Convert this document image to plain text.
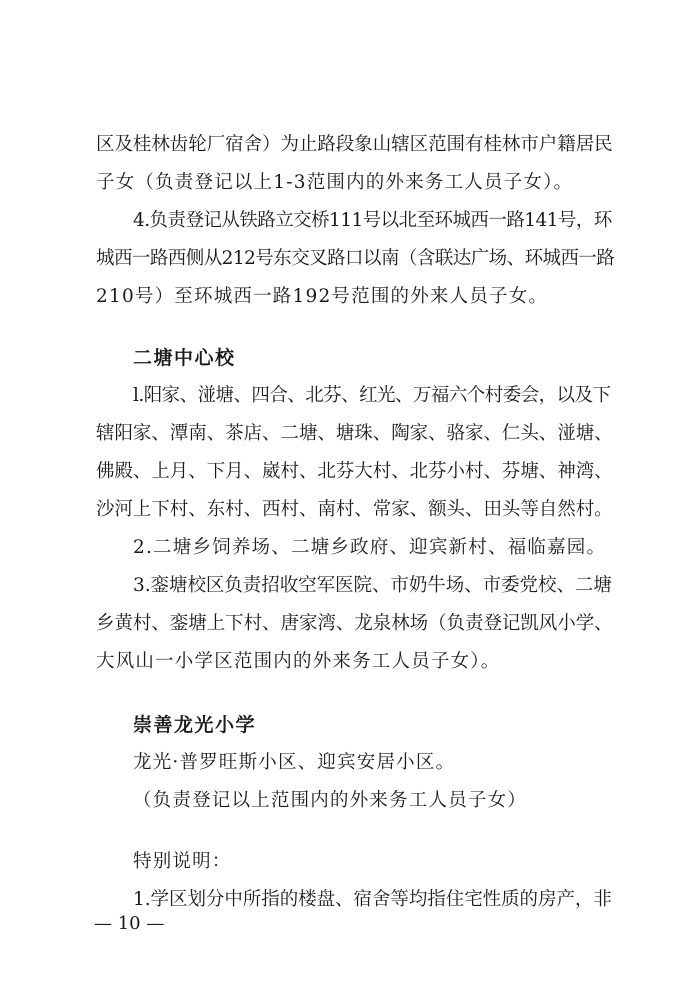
区及桂林齿轮厂宿舍）为止路段象山辖区范围有桂林市户籍居民
子女（负责登记以上1-3范围内的外来务工人员子女）。
4.负责登记从铁路立交桥111号以北至环城西一路141号，环
城西一路西侧从212号东交叉路口以南（含联达广场、环城西一路
210号）至环城西一路192号范围的外来人员子女。
二塘中心校
l.阳家、湴塘、四合、北芬、红光、万福六个村委会，以及下
辖阳家、潭南、茶店、二塘、塘珠、陶家、骆家、仁头、湴塘、
佛殿、上月、下月、崴村、北芬大村、北芬小村、芬塘、神湾、
沙河上下村、东村、西村、南村、常家、额头、田头等自然村。
2.二塘乡饲养场、二塘乡政府、迎宾新村、福临嘉园。
3.銮塘校区负责招收空军医院、市奶牛场、市委党校、二塘
乡黄村、銮塘上下村、唐家湾、龙泉林场（负责登记凯风小学、
大风山一小学区范围内的外来务工人员子女）。
崇善龙光小学
龙光·普罗旺斯小区、迎宾安居小区。
（负责登记以上范围内的外来务工人员子女）
特别说明：
1.学区划分中所指的楼盘、宿舍等均指住宅性质的房产，非
— 10 —
